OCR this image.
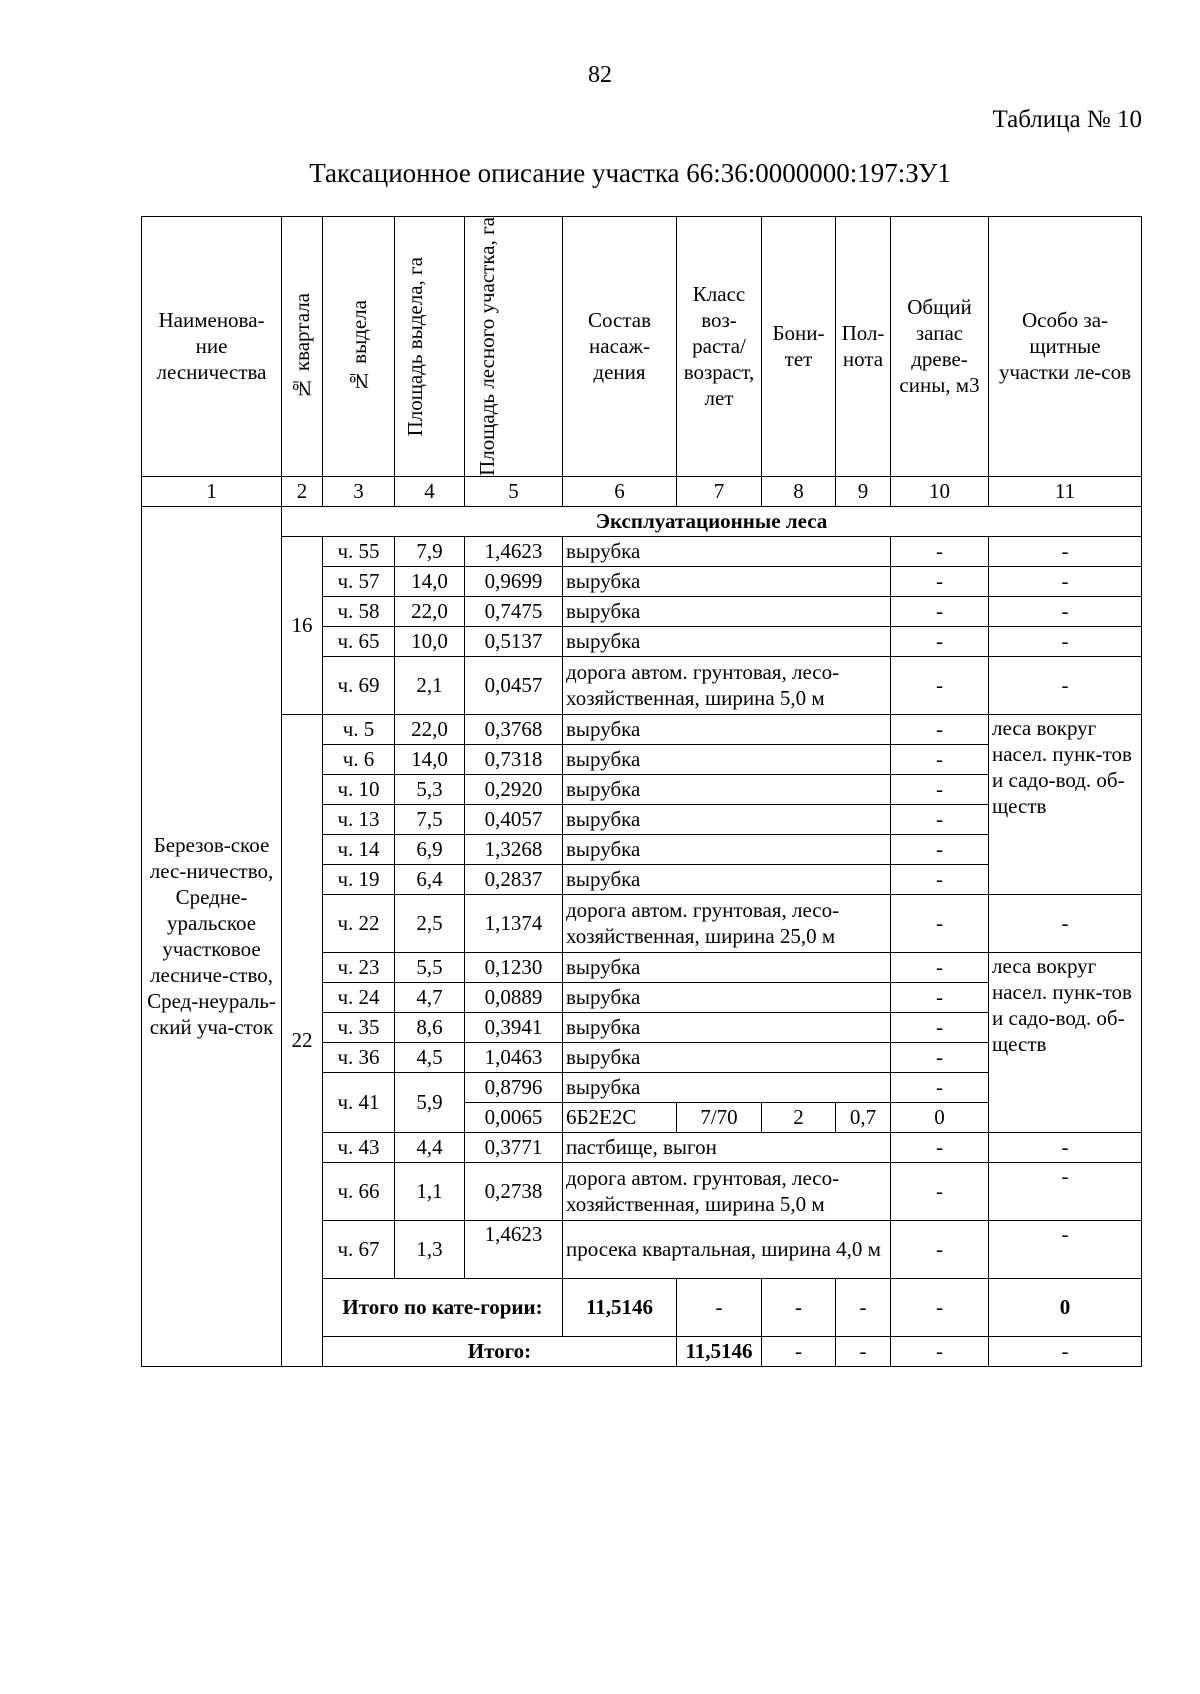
82
Таблица № 10
Таксационное описание участка 66:36:0000000:197:ЗУ1
Наименова-ние лесничества	№ квартала	№ выдела	Площадь выдела, га	Площадь лесного участка, га	Состав насаж-дения	Класс воз-раста/ возраст, лет	Бони-тет	Пол-нота	Общий запас древе-сины, м3	Особо за-щитные участки ле-сов	
1	2	3	4	5	6	7	8	9	10	11	
Березов-ское лес-ничество, Средне-уральское участковое лесниче-ство, Сред-неураль-ский уча-сток	Эксплуатационные леса										
	16	ч. 55	7,9	1,4623	вырубка				-	-	
		ч. 57	14,0	0,9699	вырубка				-	-	
		ч. 58	22,0	0,7475	вырубка				-	-	
		ч. 65	10,0	0,5137	вырубка				-	-	
		ч. 69	2,1	0,0457	дорога автом. грунтовая, лесо-хозяйственная, ширина 5,0 м				-	-	
	22	ч. 5	22,0	0,3768	вырубка				-	леса вокруг насел. пунк-тов и садо-вод. об-ществ	
		ч. 6	14,0	0,7318	вырубка				-		
		ч. 10	5,3	0,2920	вырубка				-		
		ч. 13	7,5	0,4057	вырубка				-		
		ч. 14	6,9	1,3268	вырубка				-		
		ч. 19	6,4	0,2837	вырубка				-		
		ч. 22	2,5	1,1374	дорога автом. грунтовая, лесо-хозяйственная, ширина 25,0 м				-	-	
		ч. 23	5,5	0,1230	вырубка				-	леса вокруг насел. пунк-тов и садо-вод. об-ществ	
		ч. 24	4,7	0,0889	вырубка				-		
		ч. 35	8,6	0,3941	вырубка				-		
		ч. 36	4,5	1,0463	вырубка				-		
		ч. 41	5,9	0,8796	вырубка				-		
				0,0065	6Б2Е2С	7/70	2	0,7	0		
		ч. 43	4,4	0,3771	пастбище, выгон				-	-	
		ч. 66	1,1	0,2738	дорога автом. грунтовая, лесо-хозяйственная, ширина 5,0 м				-	-	
		ч. 67	1,3	1,4623	просека квартальная, ширина 4,0 м				-	-	
		Итого по кате-гории:			11,5146	-	-	-	-	0	
		Итого:				11,5146	-	-	-	-		
